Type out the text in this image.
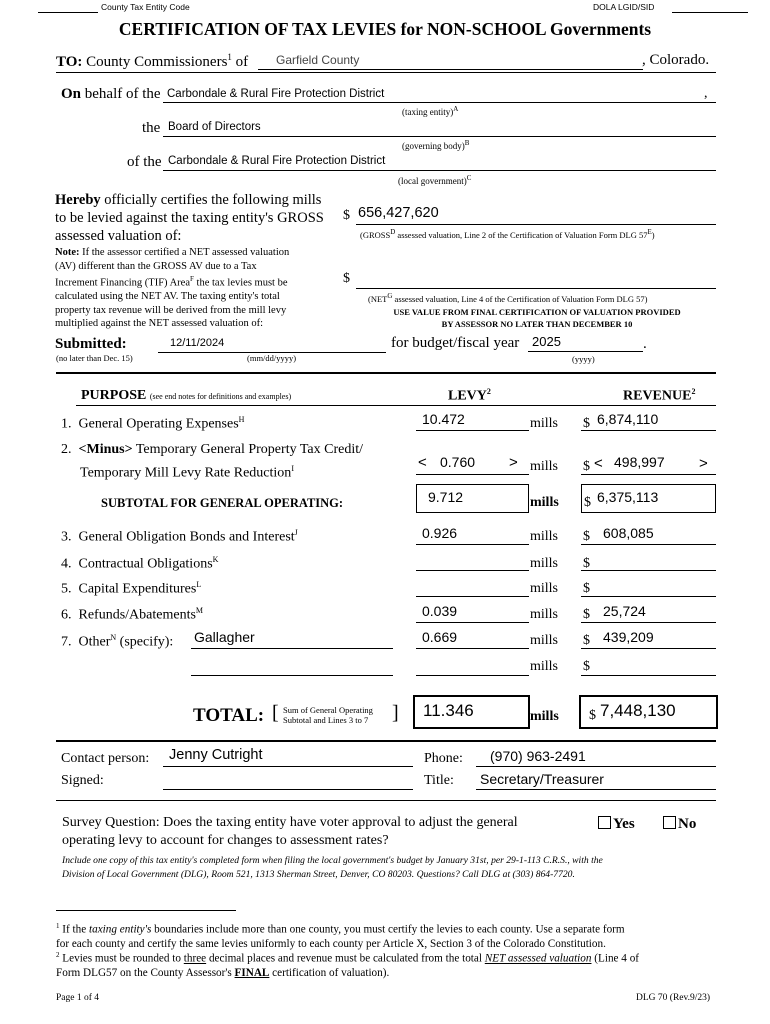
County Tax Entity Code	DOLA LGID/SID
CERTIFICATION OF TAX LEVIES for NON-SCHOOL Governments
TO: County Commissioners$^1$ of Garfield County	, Colorado.
On behalf of the Carbondale & Rural Fire Protection District	,
(taxing entity)$^A$
the Board of Directors
(governing body)$^B$
of the Carbondale & Rural Fire Protection District
(local government)$^C$
Hereby officially certifies the following mills
to be levied against the taxing entity's GROSS
assessed valuation of:
$ 656,427,620
($GROSS^D$ assessed valuation, Line 2 of the Certification of Valuation Form DLG $57^E$)
Note: If the assessor certified a NET assessed valuation
(AV) different than the GROSS AV due to a Tax
Increment Financing (TIF) Area$^F$ the tax levies must be
calculated using the NET AV. The taxing entity's total
property tax revenue will be derived from the mill levy
multiplied against the NET assessed valuation of:
$
($NET^G$ assessed valuation, Line 4 of the Certification of Valuation Form DLG 57)
USE VALUE FROM FINAL CERTIFICATION OF VALUATION PROVIDED
BY ASSESSOR NO LATER THAN DECEMBER 10
Submitted:	12/11/2024
(no later than Dec. 15)	(mm/dd/yyyy)
for budget/fiscal year 2025	.
(yyyy)
PURPOSE (see end notes for definitions and examples)	LEVY$^2$	REVENUE$^2$
1. General Operating Expenses$^H$	10.472	mills $ 6,874,110
2. <Minus> Temporary General Property Tax Credit/
Temporary Mill Levy Rate Reduction$^I$	< 0.760 > mills $ < 498,997 >
SUBTOTAL FOR GENERAL OPERATING:	9.712	mills $ 6,375,113
3. General Obligation Bonds and Interest$^J$	0.926	mills $ 608,085
4. Contractual Obligations$^K$	mills $
5. Capital Expenditures$^L$	mills $
6. Refunds/Abatements$^M$	0.039	mills $ 25,724
7. Other$^N$ (specify): Gallagher	0.669	mills $ 439,209
mills $
TOTAL: [ Sum of General Operating
Subtotal and Lines 3 to 7 ] 11.346	mills $ 7,448,130
Contact person: Jenny Cutright	Phone: (970) 963-2491
Signed:	Title: Secretary/Treasurer
Survey Question: Does the taxing entity have voter approval to adjust the general
operating levy to account for changes to assessment rates?
Yes	No
Include one copy of this tax entity's completed form when filing the local government's budget by January 31st, per 29-1-113 C.R.S., with the
Division of Local Government (DLG), Room 521, 1313 Sherman Street, Denver, CO 80203. Questions? Call DLG at (303) 864-7720.
$^1$ If the taxing entity's boundaries include more than one county, you must certify the levies to each county. Use a separate form
for each county and certify the same levies uniformly to each county per Article X, Section 3 of the Colorado Constitution.
$^2$ Levies must be rounded to three decimal places and revenue must be calculated from the total NET assessed valuation (Line 4 of
Form DLG57 on the County Assessor's FINAL certification of valuation).
Page 1 of 4	DLG 70 (Rev.9/23)
